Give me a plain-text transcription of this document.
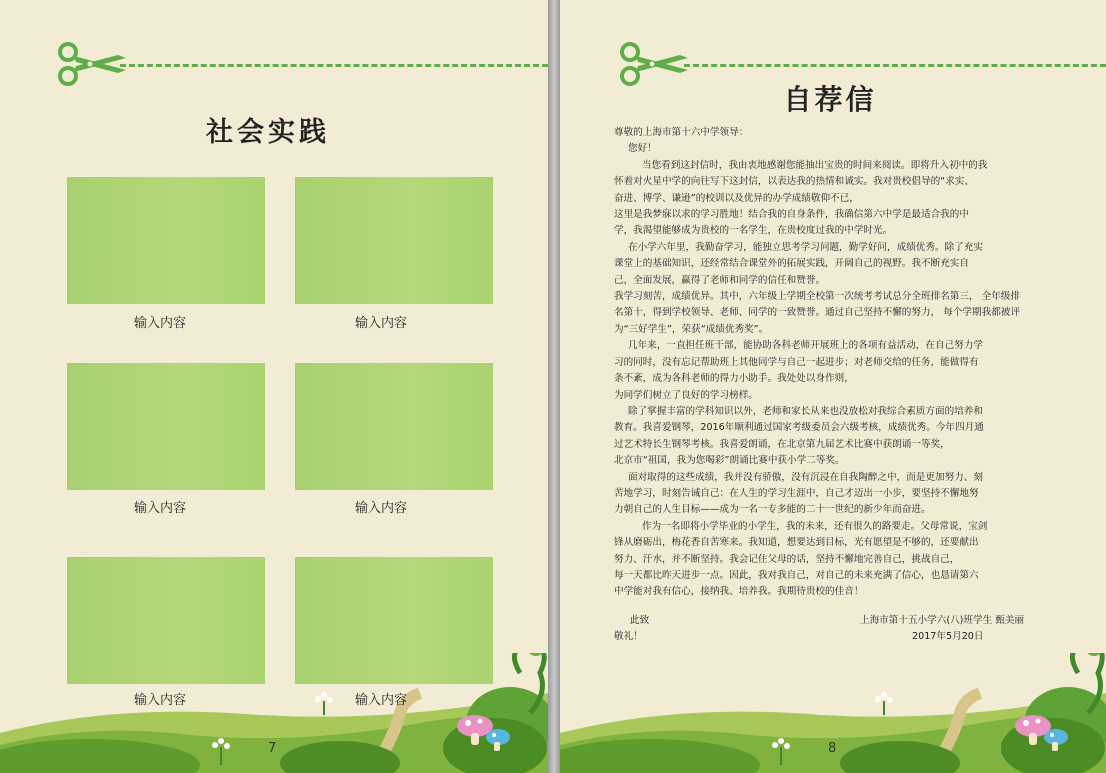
社会实践
输入内容	输入内容
输入内容	输入内容
输入内容	输入内容
7
自荐信

尊敬的上海市第十六中学领导：

您好！

当您看到这封信时，我由衷地感谢您能抽出宝贵的时间来阅读。即将升入初中的我

怀着对火星中学的向往写下这封信，以表达我的热情和诚实。我对贵校倡导的“求实、

奋进、博学、谦逊”的校训以及优异的办学成绩敬仰不已，

这里是我梦寐以求的学习胜地！结合我的自身条件，我确信第六中学是最适合我的中

学，我渴望能够成为贵校的一名学生，在贵校度过我的中学时光。

在小学六年里，我勤奋学习，能独立思考学习问题，勤学好问，成绩优秀。除了充实

课堂上的基础知识，还经常结合课堂外的拓展实践，开阔自己的视野。我不断充实自

己，全面发展，赢得了老师和同学的信任和赞誉。

我学习刻苦，成绩优异。其中，六年级上学期全校第一次统考考试总分全班排名第三， 全年级排

名第十，得到学校领导、老师、同学的一致赞誉。通过自己坚持不懈的努力， 每个学期我都被评

为“三好学生”，荣获“成绩优秀奖”。

几年来，一直担任班干部，能协助各科老师开展班上的各项有益活动，在自己努力学

习的同时，没有忘记帮助班上其他同学与自己一起进步；对老师交给的任务，能做得有

条不紊，成为各科老师的得力小助手。我处处以身作则，

为同学们树立了良好的学习榜样。

除了掌握丰富的学科知识以外，老师和家长从来也没放松对我综合素质方面的培养和

教育。我喜爱钢琴，2016年顺利通过国家考级委员会六级考核，成绩优秀。今年四月通

过艺术特长生钢琴考核。我喜爱朗诵，在北京第九届艺术比赛中获朗诵一等奖，

北京市“祖国，我为您喝彩”朗诵比赛中获小学二等奖。

面对取得的这些成绩，我并没有骄傲，没有沉浸在自我陶醉之中，而是更加努力、刻

苦地学习，时刻告诫自己：在人生的学习生涯中，自己才迈出一小步，要坚持不懈地努

力朝自己的人生目标——成为一名一专多能的二十一世纪的新少年而奋进。

作为一名即将小学毕业的小学生，我的未来，还有很久的路要走。父母常说，宝剑

锋从磨砺出，梅花香自苦寒来。我知道，想要达到目标，光有愿望是不够的，还要献出

努力、汗水，并不断坚持。我会记住父母的话，坚持不懈地完善自己，挑战自己，

每一天都比昨天进步一点。因此，我对我自己，对自己的未来充满了信心，也恳请第六

中学能对我有信心，接纳我、培养我。我期待贵校的佳音！

此致	上海市第十五小学六(八)班学生 甄美丽
敬礼！	2017年5月20日
8
